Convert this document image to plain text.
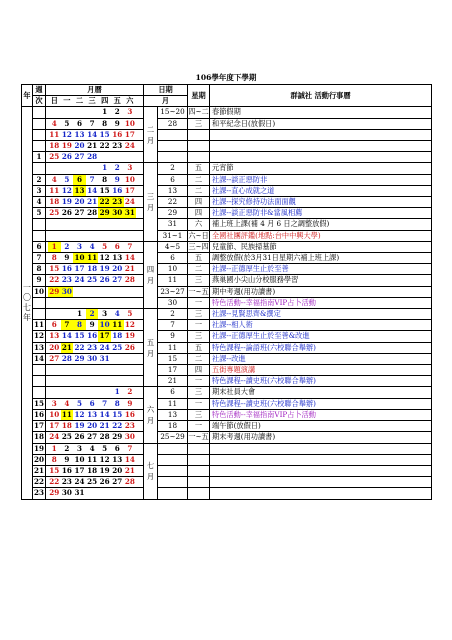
106學年度下學期
年	週	月曆	日期		星期	群誠社 活動行事曆
	次	日 一 二 三 四 五 六	月			
一〇七年		1 2 3	二月	15~20	四~二	春節假期
		4 5 6 7 8 9 10		28	三	和平紀念日(放假日)
		11 12 13 14 15 16 17				
		18 19 20 21 22 23 24				
	1	25 26 27 28				
		1 2 3	三月	2	五	元宵節
	2	4 5 6 7 8 9 10		6	二	社課--談正惡防非
	3	11 12 13 14 15 16 17		13	二	社課--直心成就之道
	4	18 19 20 21 22 23 24		22	四	社課--探究修持功法面面觀
	5	25 26 27 28 29 30 31		29	四	社課--談正惡防非&當風相薦
				31	六	補上班上課(補 4 月 6 日之調整放假)
				31~1	六~日	全國社團評鑑(地點:台中中興大學)
	6	1 2 3 4 5 6 7	四月	4~5	三~四	兒童節、民族掃墓節
	7	8 9 10 11 12 13 14		6	五	調整放假(於3月31日星期六補上班上課)
	8	15 16 17 18 19 20 21		10	二	社課--正德厚生止於至善
	9	22 23 24 25 26 27 28		11	三	燕巢國小尖山分校服務學習
	10	29 30		23~27	一~五	期中考週(用功讀書)
				30	一	特色活動--幸福指南VIP占卜活動
		1 2 3 4 5	五月	2	三	社課--見賢思齊&撰定
	11	6 7 8 9 10 11 12		7	一	社課--相人術
	12	13 14 15 16 17 18 19		9	三	社課--正德厚生止於至善&改進
	13	20 21 22 23 24 25 26		11	五	特色課程--論語班(六校聯合舉辦)
	14	27 28 29 30 31		15	二	社課--改進
				17	四	五街專題演講
				21	一	特色課程--讀史班(六校聯合舉辦)
		1 2	六月	6	三	期末社員大會
	15	3 4 5 6 7 8 9		11	一	特色課程--讀史班(六校聯合舉辦)
	16	10 11 12 13 14 15 16		13	三	特色活動--幸福指南VIP占卜活動
	17	17 18 19 20 21 22 23		18	一	端午節(放假日)
	18	24 25 26 27 28 29 30		25~29	一~五	期末考週(用功讀書)
	19	1 2 3 4 5 6 7	七月			
	20	8 9 10 11 12 13 14				
	21	15 16 17 18 19 20 21				
	22	22 23 24 25 26 27 28				
	23	29 30 31				
